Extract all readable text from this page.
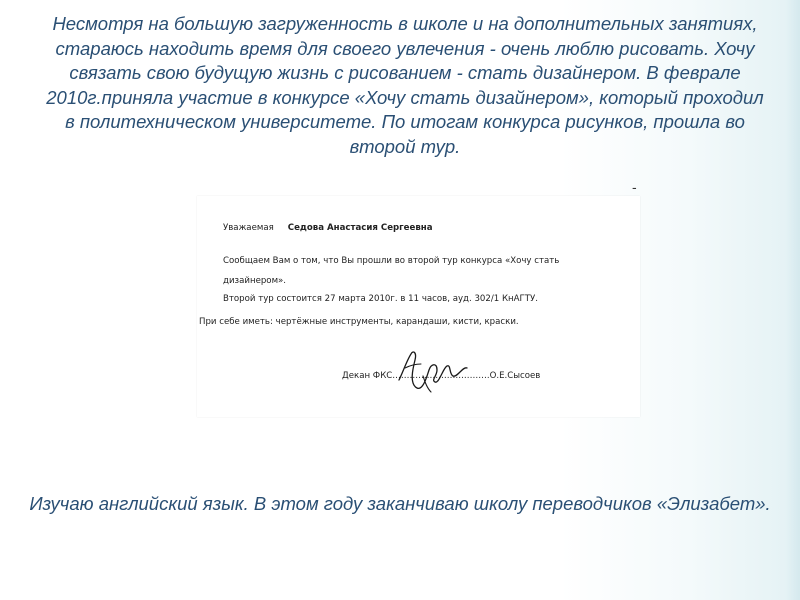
Несмотря на большую загруженность в школе и на дополнительных занятиях, стараюсь находить время для своего увлечения - очень люблю рисовать. Хочу связать свою будущую жизнь с рисованием - стать дизайнером. В феврале 2010г.приняла участие в конкурсе «Хочу стать дизайнером», который проходил в политехническом университете. По итогам конкурса рисунков, прошла во второй тур.

-
Уважаемая Седова Анастасия Сергеевна
Сообщаем Вам о том, что Вы прошли во второй тур конкурса «Хочу стать дизайнером».
Второй тур состоится 27 марта 2010г. в 11 часов, ауд. 302/1 КнАГТУ.
При себе иметь: чертёжные инструменты, карандаши, кисти, краски.
Декан ФКС…………………………….О.Е.Сысоев

Изучаю английский язык. В этом году заканчиваю школу переводчиков «Элизабет».
